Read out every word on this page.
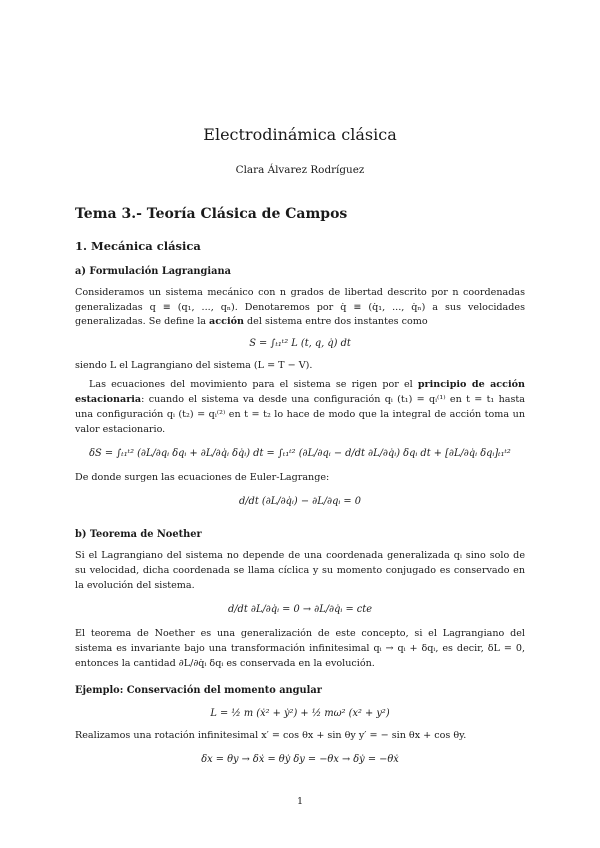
Electrodinámica clásica
Clara Álvarez Rodríguez
Tema 3.- Teoría Clásica de Campos
1. Mecánica clásica
a) Formulación Lagrangiana

Consideramos un sistema mecánico con n grados de libertad descrito por n coordenadas generalizadas q ≡ (q₁, ..., qₙ). Denotaremos por q̇ ≡ (q̇₁, ..., q̇ₙ) a sus velocidades generalizadas. Se define la acción del sistema entre dos instantes como

S = ∫ₜ₁ᵗ² L (t, q, q̇) dt

siendo L el Lagrangiano del sistema (L = T − V).

Las ecuaciones del movimiento para el sistema se rigen por el principio de acción estacionaria: cuando el sistema va desde una configuración qᵢ (t₁) = qᵢ⁽¹⁾ en t = t₁ hasta una configuración qᵢ (t₂) = qᵢ⁽²⁾ en t = t₂ lo hace de modo que la integral de acción toma un valor estacionario.

δS = ∫ₜ₁ᵗ² (∂L/∂qᵢ δqᵢ + ∂L/∂q̇ᵢ δq̇ᵢ) dt = ∫ₜ₁ᵗ² (∂L/∂qᵢ − d/dt ∂L/∂q̇ᵢ) δqᵢ dt + [∂L/∂q̇ᵢ δqᵢ]ₜ₁ᵗ²

De donde surgen las ecuaciones de Euler-Lagrange:

d/dt (∂L/∂q̇ᵢ) − ∂L/∂qᵢ = 0
b) Teorema de Noether

Si el Lagrangiano del sistema no depende de una coordenada generalizada qᵢ sino solo de su velocidad, dicha coordenada se llama cíclica y su momento conjugado es conservado en la evolución del sistema.

d/dt ∂L/∂q̇ᵢ = 0 → ∂L/∂q̇ᵢ = cte

El teorema de Noether es una generalización de este concepto, si el Lagrangiano del sistema es invariante bajo una transformación infinitesimal qᵢ → qᵢ + δqᵢ, es decir, δL = 0, entonces la cantidad ∂L/∂q̇ᵢ δqᵢ es conservada en la evolución.

Ejemplo: Conservación del momento angular
L = ½ m (ẋ² + ẏ²) + ½ mω² (x² + y²)

Realizamos una rotación infinitesimal x′ = cos θx + sin θy y′ = − sin θx + cos θy.

δx = θy → δẋ = θẏ δy = −θx → δẏ = −θẋ
1
